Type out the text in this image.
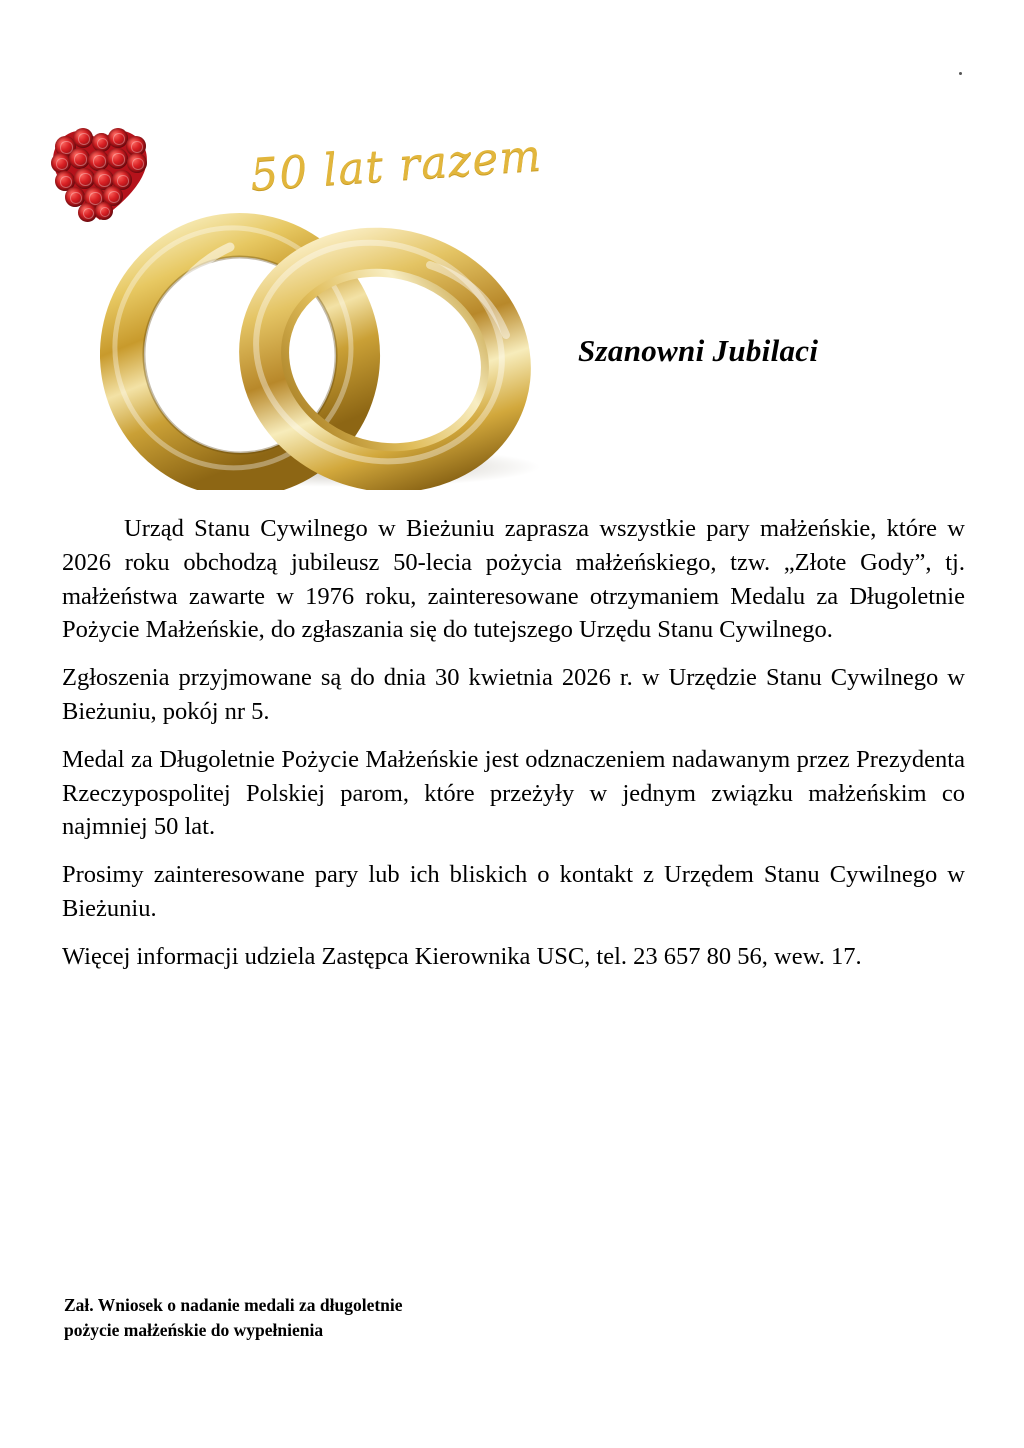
50 lat razem
Szanowni Jubilaci

Urząd Stanu Cywilnego w Bieżuniu zaprasza wszystkie pary małżeńskie, które w 2026 roku obchodzą jubileusz 50-lecia pożycia małżeńskiego, tzw. „Złote Gody”, tj. małżeństwa zawarte w 1976 roku, zainteresowane otrzymaniem Medalu za Długoletnie Pożycie Małżeńskie, do zgłaszania się do tutejszego Urzędu Stanu Cywilnego.

Zgłoszenia przyjmowane są do dnia 30 kwietnia 2026 r. w Urzędzie Stanu Cywilnego w Bieżuniu, pokój nr 5.

Medal za Długoletnie Pożycie Małżeńskie jest odznaczeniem nadawanym przez Prezydenta Rzeczypospolitej Polskiej parom, które przeżyły w jednym związku małżeńskim co najmniej 50 lat.

Prosimy zainteresowane pary lub ich bliskich o kontakt z Urzędem Stanu Cywilnego w Bieżuniu.

Więcej informacji udziela Zastępca Kierownika USC, tel. 23 657 80 56, wew. 17.

Zał. Wniosek o nadanie medali za długoletnie
pożycie małżeńskie do wypełnienia
